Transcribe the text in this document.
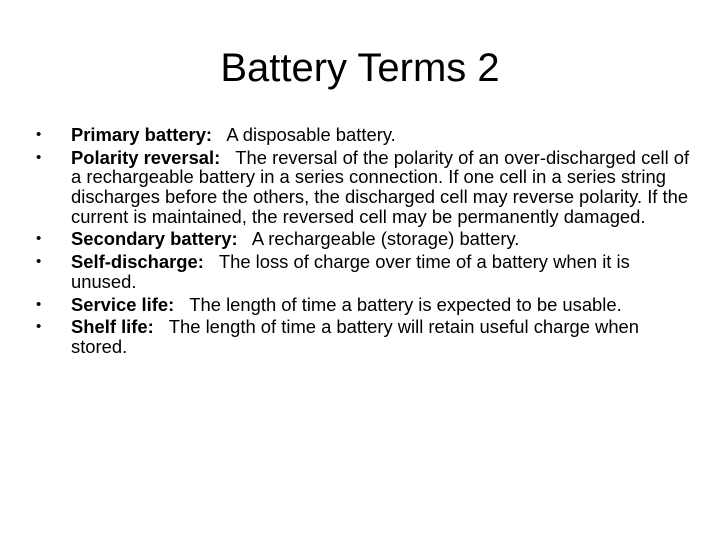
Battery Terms 2
•	Primary battery:   A disposable battery.
•	Polarity reversal:   The reversal of the polarity of an over-discharged cell of a rechargeable battery in a series connection. If one cell in a series string discharges before the others, the discharged cell may reverse polarity. If the current is maintained, the reversed cell may be permanently damaged.
•	Secondary battery:   A rechargeable (storage) battery.
•	Self-discharge:   The loss of charge over time of a battery when it is unused.
•	Service life:   The length of time a battery is expected to be usable.
•	Shelf life:   The length of time a battery will retain useful charge when stored.
